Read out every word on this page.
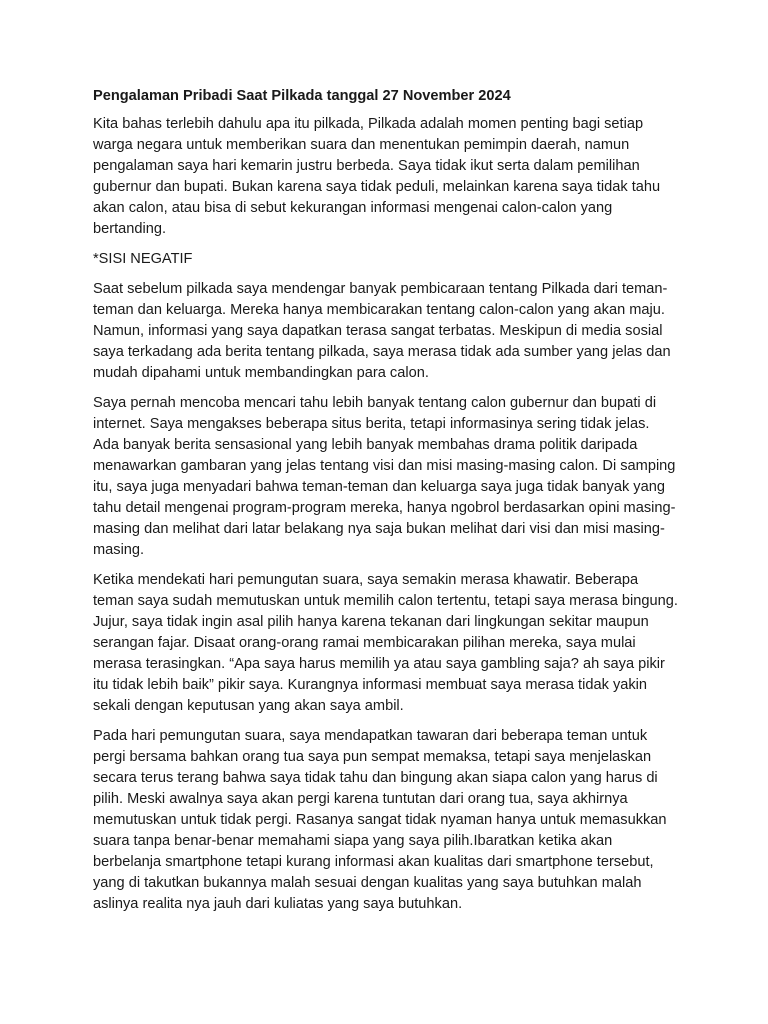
Pengalaman Pribadi Saat Pilkada tanggal 27 November 2024

Kita bahas terlebih dahulu apa itu pilkada, Pilkada adalah momen penting bagi setiap warga negara untuk memberikan suara dan menentukan pemimpin daerah, namun pengalaman saya hari kemarin justru berbeda. Saya tidak ikut serta dalam pemilihan gubernur dan bupati. Bukan karena saya tidak peduli, melainkan karena saya tidak tahu akan calon, atau bisa di sebut kekurangan informasi mengenai calon-calon yang bertanding.

*SISI NEGATIF

Saat sebelum pilkada saya mendengar banyak pembicaraan tentang Pilkada dari teman-teman dan keluarga. Mereka hanya membicarakan tentang calon-calon yang akan maju. Namun, informasi yang saya dapatkan terasa sangat terbatas. Meskipun di media sosial saya terkadang ada berita tentang pilkada, saya merasa tidak ada sumber yang jelas dan mudah dipahami untuk membandingkan para calon.

Saya pernah mencoba mencari tahu lebih banyak tentang calon gubernur dan bupati di internet. Saya mengakses beberapa situs berita, tetapi informasinya sering tidak jelas. Ada banyak berita sensasional yang lebih banyak membahas drama politik daripada menawarkan gambaran yang jelas tentang visi dan misi masing-masing calon. Di samping itu, saya juga menyadari bahwa teman-teman dan keluarga saya juga tidak banyak yang tahu detail mengenai program-program mereka, hanya ngobrol berdasarkan opini masing-masing dan melihat dari latar belakang nya saja bukan melihat dari visi dan misi masing-masing.

Ketika mendekati hari pemungutan suara, saya semakin merasa khawatir. Beberapa teman saya sudah memutuskan untuk memilih calon tertentu, tetapi saya merasa bingung. Jujur, saya tidak ingin asal pilih hanya karena tekanan dari lingkungan sekitar maupun serangan fajar. Disaat orang-orang ramai membicarakan pilihan mereka, saya mulai merasa terasingkan. “Apa saya harus memilih ya atau saya gambling saja? ah saya pikir itu tidak lebih baik” pikir saya. Kurangnya informasi membuat saya merasa tidak yakin sekali dengan keputusan yang akan saya ambil.

Pada hari pemungutan suara, saya mendapatkan tawaran dari beberapa teman untuk pergi bersama bahkan orang tua saya pun sempat memaksa, tetapi saya menjelaskan secara terus terang bahwa saya tidak tahu dan bingung akan siapa calon yang harus di pilih. Meski awalnya saya akan pergi karena tuntutan dari orang tua, saya akhirnya memutuskan untuk tidak pergi. Rasanya sangat tidak nyaman hanya untuk memasukkan suara tanpa benar-benar memahami siapa yang saya pilih.Ibaratkan ketika akan berbelanja smartphone tetapi kurang informasi akan kualitas dari smartphone tersebut, yang di takutkan bukannya malah sesuai dengan kualitas yang saya butuhkan malah aslinya realita nya jauh dari kuliatas yang saya butuhkan.
